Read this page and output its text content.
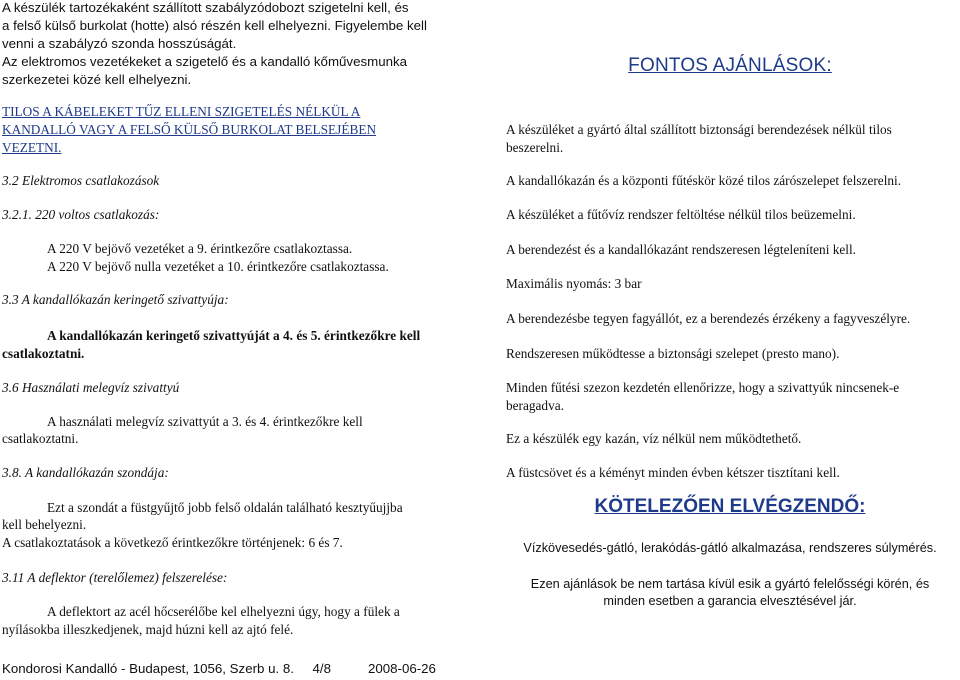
A készülék tartozékaként szállított szabályzódobozt szigetelni kell, és

a felső külső burkolat (hotte) alsó részén kell elhelyezni. Figyelembe kell

venni a szabályzó szonda hosszúságát.

Az elektromos vezetékeket a szigetelő és a kandalló kőművesmunka

szerkezetei közé kell elhelyezni.

TILOS A KÁBELEKET TŰZ ELLENI SZIGETELÉS NÉLKÜL A

KANDALLÓ VAGY A FELSŐ KÜLSŐ BURKOLAT BELSEJÉBEN

VEZETNI.

3.2 Elektromos csatlakozások

3.2.1. 220 voltos csatlakozás:

A 220 V bejövő vezetéket a 9. érintkezőre csatlakoztassa.

A 220 V bejövő nulla vezetéket a 10. érintkezőre csatlakoztassa.

3.3 A kandallókazán keringető szivattyúja:

A kandallókazán keringető szivattyúját a 4. és 5. érintkezőkre kell

csatlakoztatni.

3.6 Használati melegvíz szivattyú

A használati melegvíz szivattyút a 3. és 4. érintkezőkre kell

csatlakoztatni.

3.8. A kandallókazán szondája:

Ezt a szondát a füstgyűjtő jobb felső oldalán található kesztyűujjba

kell behelyezni.

A csatlakoztatások a következő érintkezőkre történjenek: 6 és 7.

3.11 A deflektor (terelőlemez) felszerelése:

A deflektort az acél hőcserélőbe kel elhelyezni úgy, hogy a fülek a

nyílásokba illeszkedjenek, majd húzni kell az ajtó felé.

FONTOS AJÁNLÁSOK:

A készüléket a gyártó által szállított biztonsági berendezések nélkül tilos

beszerelni.

A kandallókazán és a központi fűtéskör közé tilos zárószelepet felszerelni.

A készüléket a fűtővíz rendszer feltöltése nélkül tilos beüzemelni.

A berendezést és a kandallókazánt rendszeresen légteleníteni kell.

Maximális nyomás: 3 bar

A berendezésbe tegyen fagyállót, ez a berendezés érzékeny a fagyveszélyre.

Rendszeresen működtesse a biztonsági szelepet (presto mano).

Minden fűtési szezon kezdetén ellenőrizze, hogy a szivattyúk nincsenek-e

beragadva.

Ez a készülék egy kazán, víz nélkül nem működtethető.

A füstcsövet és a kéményt minden évben kétszer tisztítani kell.

KÖTELEZŐEN ELVÉGZENDŐ:

Vízkövesedés-gátló, lerakódás-gátló alkalmazása, rendszeres súlymérés.

Ezen ajánlások be nem tartása kívül esik a gyártó felelősségi körén, és

minden esetben a garancia elvesztésével jár.

Kondorosi Kandalló - Budapest, 1056, Szerb u. 8. 4/8	2008-06-26
